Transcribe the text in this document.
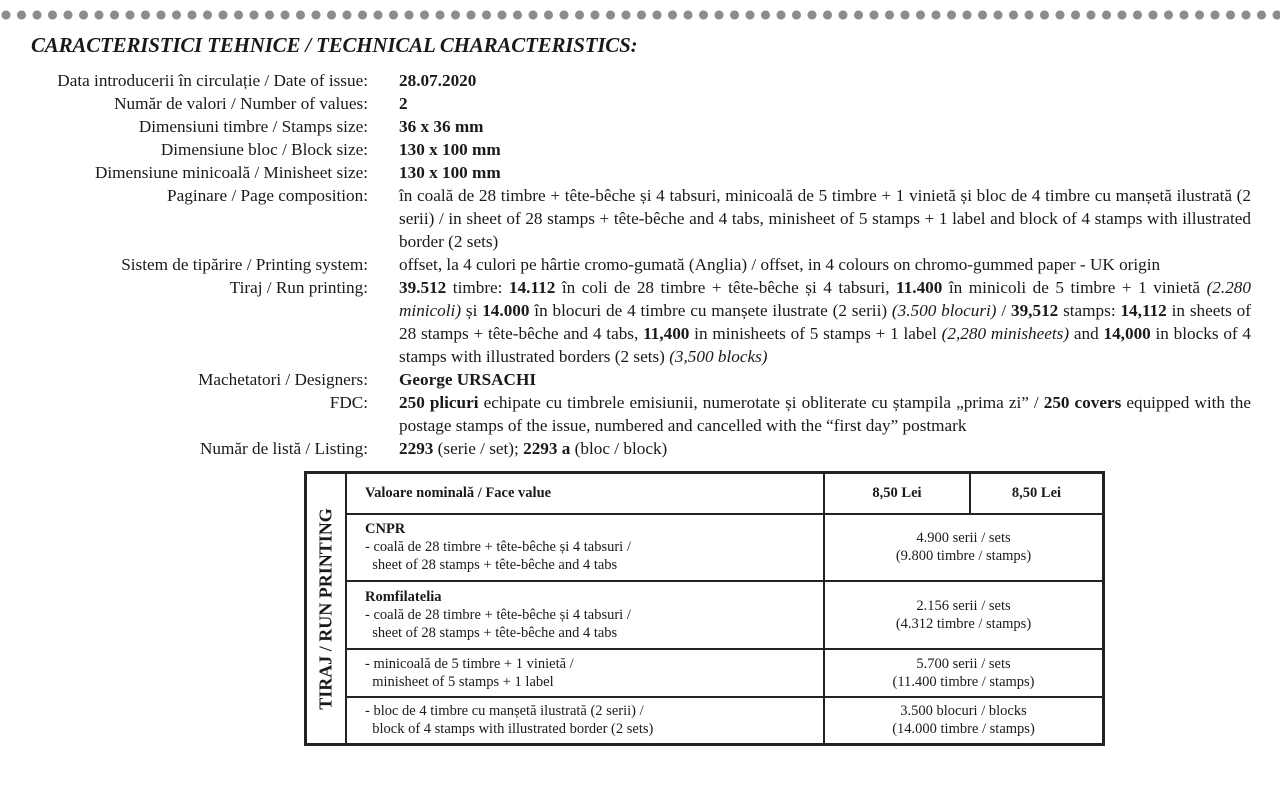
CARACTERISTICI TEHNICE / TECHNICAL CHARACTERISTICS:
Data introducerii în circulație / Date of issue:	28.07.2020
Număr de valori / Number of values:	2
Dimensiuni timbre / Stamps size:	36 x 36 mm
Dimensiune bloc / Block size:	130 x 100 mm
Dimensiune minicoală / Minisheet size:	130 x 100 mm
Paginare / Page composition:	în coală de 28 timbre + tête-bêche și 4 tabsuri, minicoală de 5 timbre + 1 vinietă și bloc de 4 timbre cu manșetă ilustrată (2 serii) / in sheet of 28 stamps + tête-bêche and 4 tabs, minisheet of 5 stamps + 1 label and block of 4 stamps with illustrated border (2 sets)
Sistem de tipărire / Printing system:	offset, la 4 culori pe hârtie cromo-gumată (Anglia) / offset, in 4 colours on chromo-gummed paper - UK origin
Tiraj / Run printing:	39.512 timbre: 14.112 în coli de 28 timbre + tête-bêche și 4 tabsuri, 11.400 în minicoli de 5 timbre + 1 vinietă (2.280 minicoli) și 14.000 în blocuri de 4 timbre cu manșete ilustrate (2 serii) (3.500 blocuri) / 39,512 stamps: 14,112 in sheets of 28 stamps + tête-bêche and 4 tabs, 11,400 in minisheets of 5 stamps + 1 label (2,280 minisheets) and 14,000 in blocks of 4 stamps with illustrated borders (2 sets) (3,500 blocks)
Machetatori / Designers:	George URSACHI
FDC:	250 plicuri echipate cu timbrele emisiunii, numerotate și obliterate cu ștampila „prima zi” / 250 covers equipped with the postage stamps of the issue, numbered and cancelled with the “first day” postmark
Număr de listă / Listing:	2293 (serie / set); 2293 a (bloc / block)
TIRAJ / RUN PRINTING	Valoare nominală / Face value	8,50 Lei	8,50 Lei
	CNPR
- coală de 28 timbre + tête-bêche și 4 tabsuri /
sheet of 28 stamps + tête-bêche and 4 tabs	4.900 serii / sets
(9.800 timbre / stamps)	
	Romfilatelia
- coală de 28 timbre + tête-bêche și 4 tabsuri /
sheet of 28 stamps + tête-bêche and 4 tabs	2.156 serii / sets
(4.312 timbre / stamps)	
	- minicoală de 5 timbre + 1 vinietă /
minisheet of 5 stamps + 1 label	5.700 serii / sets
(11.400 timbre / stamps)	
	- bloc de 4 timbre cu manșetă ilustrată (2 serii) /
block of 4 stamps with illustrated border (2 sets)	3.500 blocuri / blocks
(14.000 timbre / stamps)	
